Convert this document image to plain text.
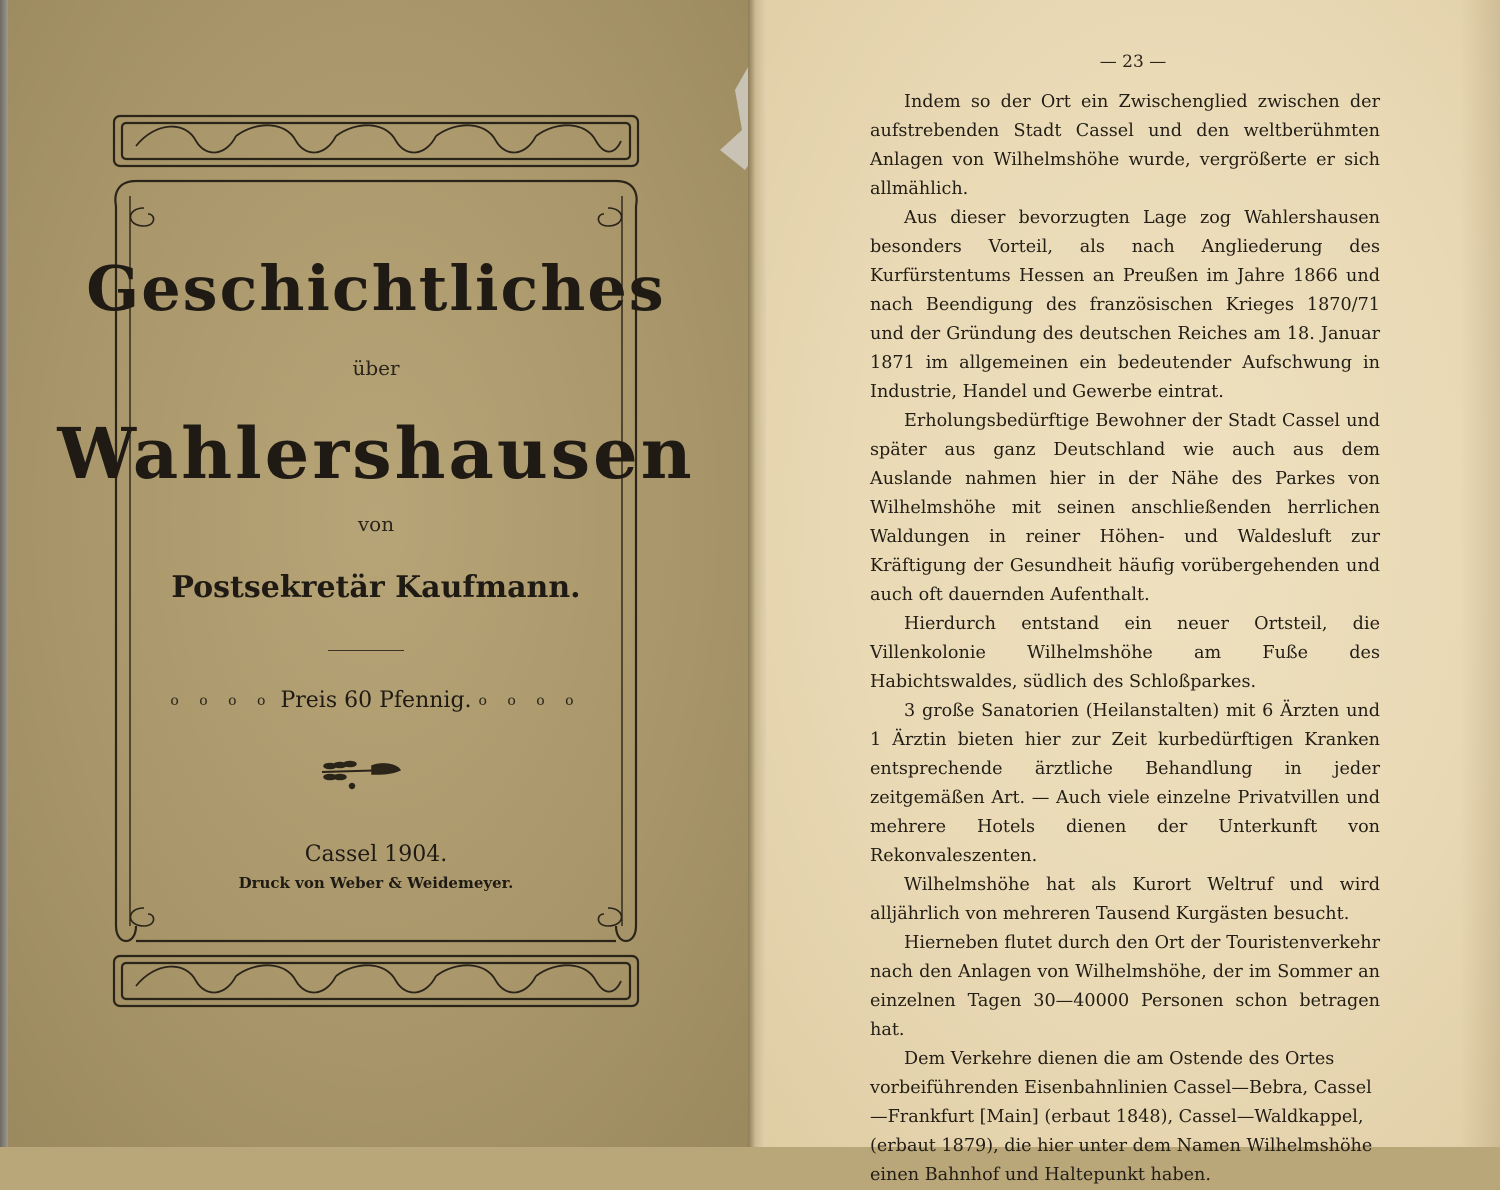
Geschichtliches
über
Wahlershausen
von
Postsekretär Kaufmann.
o o o o Preis 60 Pfennig. o o o o
Cassel 1904.
Druck von Weber & Weidemeyer.
— 23 —

Indem so der Ort ein Zwischenglied zwischen der aufstrebenden Stadt Cassel und den weltberühmten Anlagen von Wilhelmshöhe wurde, vergrößerte er sich allmählich.

Aus dieser bevorzugten Lage zog Wahlershausen besonders Vorteil, als nach Angliederung des Kurfürstentums Hessen an Preußen im Jahre 1866 und nach Beendigung des französischen Krieges 1870/71 und der Gründung des deutschen Reiches am 18. Januar 1871 im allgemeinen ein bedeutender Aufschwung in Industrie, Handel und Gewerbe eintrat.

Erholungsbedürftige Bewohner der Stadt Cassel und später aus ganz Deutschland wie auch aus dem Auslande nahmen hier in der Nähe des Parkes von Wilhelmshöhe mit seinen anschließenden herrlichen Waldungen in reiner Höhen- und Waldesluft zur Kräftigung der Gesundheit häufig vorübergehenden und auch oft dauernden Aufenthalt.

Hierdurch entstand ein neuer Ortsteil, die Villenkolonie Wilhelmshöhe am Fuße des Habichtswaldes, südlich des Schloßparkes.

3 große Sanatorien (Heilanstalten) mit 6 Ärzten und 1 Ärztin bieten hier zur Zeit kurbedürftigen Kranken entsprechende ärztliche Behandlung in jeder zeitgemäßen Art. — Auch viele einzelne Privatvillen und mehrere Hotels dienen der Unterkunft von Rekonvaleszenten.

Wilhelmshöhe hat als Kurort Weltruf und wird alljährlich von mehreren Tausend Kurgästen besucht.

Hierneben flutet durch den Ort der Touristenverkehr nach den Anlagen von Wilhelmshöhe, der im Sommer an einzelnen Tagen 30—40000 Personen schon betragen hat.

Dem Verkehre dienen die am Ostende des Ortes vorbeiführenden Eisenbahnlinien Cassel—Bebra, Cassel—Frankfurt [Main] (erbaut 1848), Cassel—Waldkappel, (erbaut 1879), die hier unter dem Namen Wilhelmshöhe einen Bahnhof und Haltepunkt haben.
